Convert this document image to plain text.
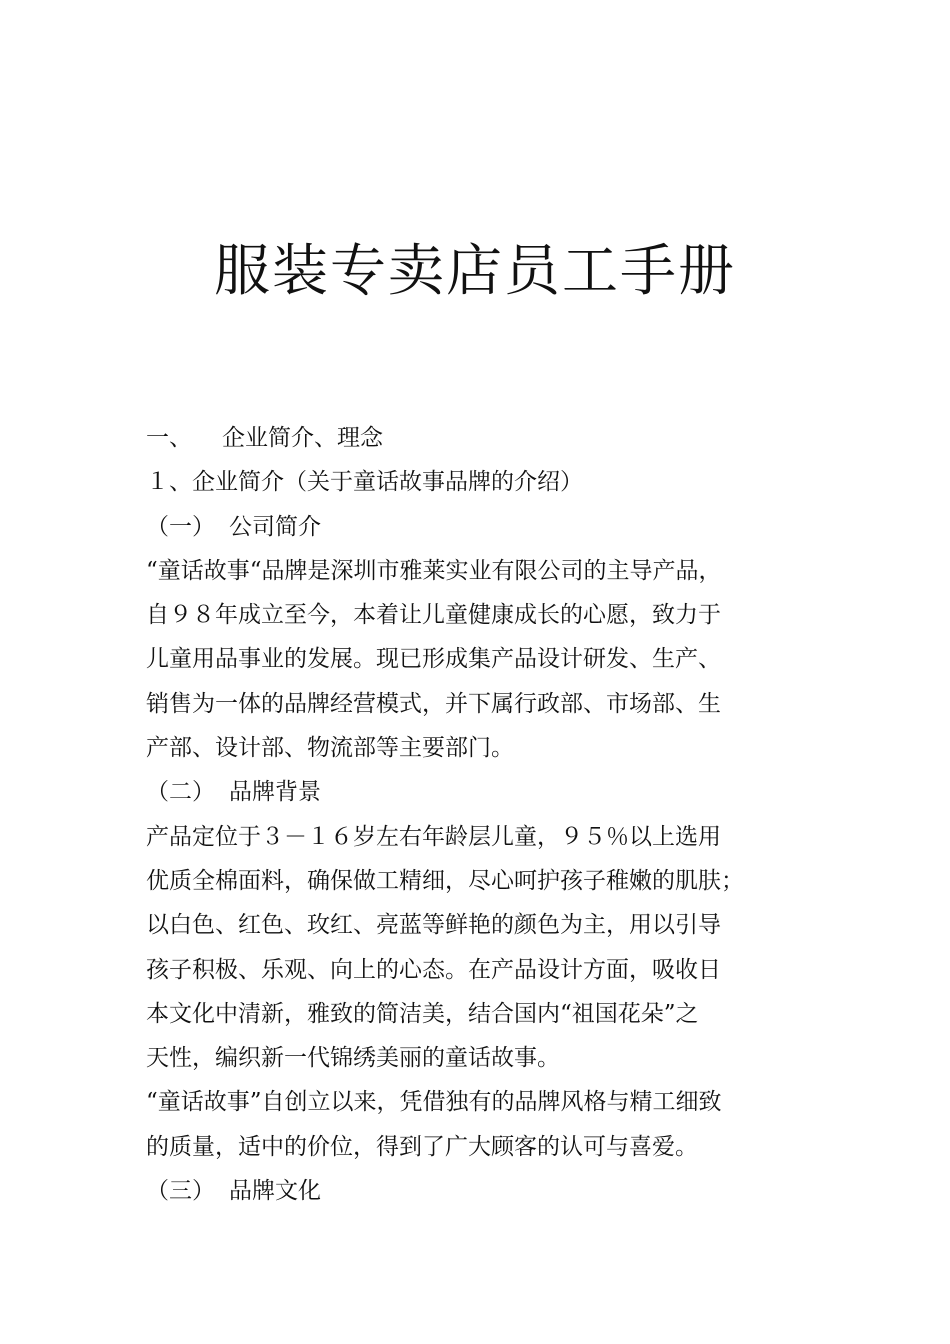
服装专卖店员工手册

一、 企业简介、理念

１、企业简介（关于童话故事品牌的介绍）

（一） 公司简介

“童话故事“品牌是深圳市雅莱实业有限公司的主导产品，

自９８年成立至今，本着让儿童健康成长的心愿，致力于

儿童用品事业的发展。现已形成集产品设计研发、生产、

销售为一体的品牌经营模式，并下属行政部、市场部、生

产部、设计部、物流部等主要部门。

（二） 品牌背景

产品定位于３－１６岁左右年龄层儿童，９５％以上选用

优质全棉面料，确保做工精细，尽心呵护孩子稚嫩的肌肤；

以白色、红色、玫红、亮蓝等鲜艳的颜色为主，用以引导

孩子积极、乐观、向上的心态。在产品设计方面，吸收日

本文化中清新，雅致的简洁美，结合国内“祖国花朵”之

天性，编织新一代锦绣美丽的童话故事。

“童话故事”自创立以来，凭借独有的品牌风格与精工细致

的质量，适中的价位，得到了广大顾客的认可与喜爱。

（三） 品牌文化
